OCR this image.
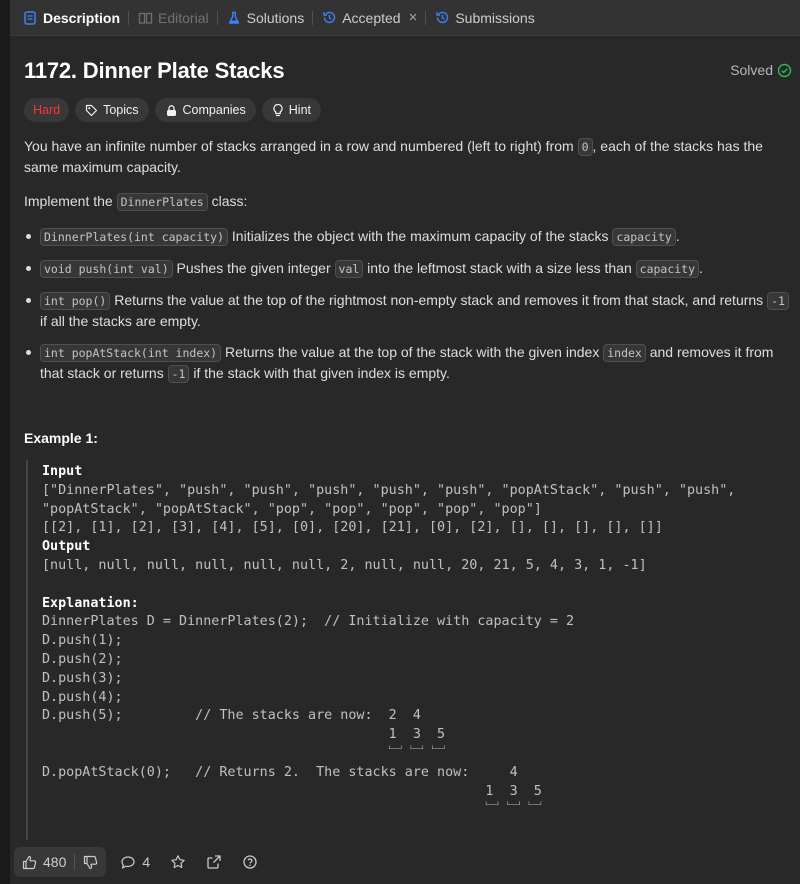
Description	Editorial	Solutions	Accepted ×	Submissions
1172. Dinner Plate Stacks	Solved
Hard	Topics	Companies	Hint

You have an infinite number of stacks arranged in a row and numbered (left to right) from 0 , each of the stacks has the same maximum capacity.

Implement the DinnerPlates class:

DinnerPlates(int capacity) Initializes the object with the maximum capacity of the stacks capacity .
void push(int val) Pushes the given integer val into the leftmost stack with a size less than capacity .
int pop() Returns the value at the top of the rightmost non-empty stack and removes it from that stack, and returns -1 if all the stacks are empty.
int popAtStack(int index) Returns the value at the top of the stack with the given index index and removes it from that stack or returns -1 if the stack with that given index is empty.
Example 1:
Input
["DinnerPlates", "push", "push", "push", "push", "push", "popAtStack", "push", "push",
"popAtStack", "popAtStack", "pop", "pop", "pop", "pop", "pop"]
[[2], [1], [2], [3], [4], [5], [0], [20], [21], [0], [2], [], [], [], [], []]
Output
[null, null, null, null, null, null, 2, null, null, 20, 21, 5, 4, 3, 1, -1]

Explanation:
DinnerPlates D = DinnerPlates(2);  // Initialize with capacity = 2
D.push(1);
D.push(2);
D.push(3);
D.push(4);
D.push(5);         // The stacks are now:  2  4
1  3  5
﹈ ﹈ ﹈
D.popAtStack(0);   // Returns 2.  The stacks are now:     4
1  3  5
﹈ ﹈ ﹈

480	4
